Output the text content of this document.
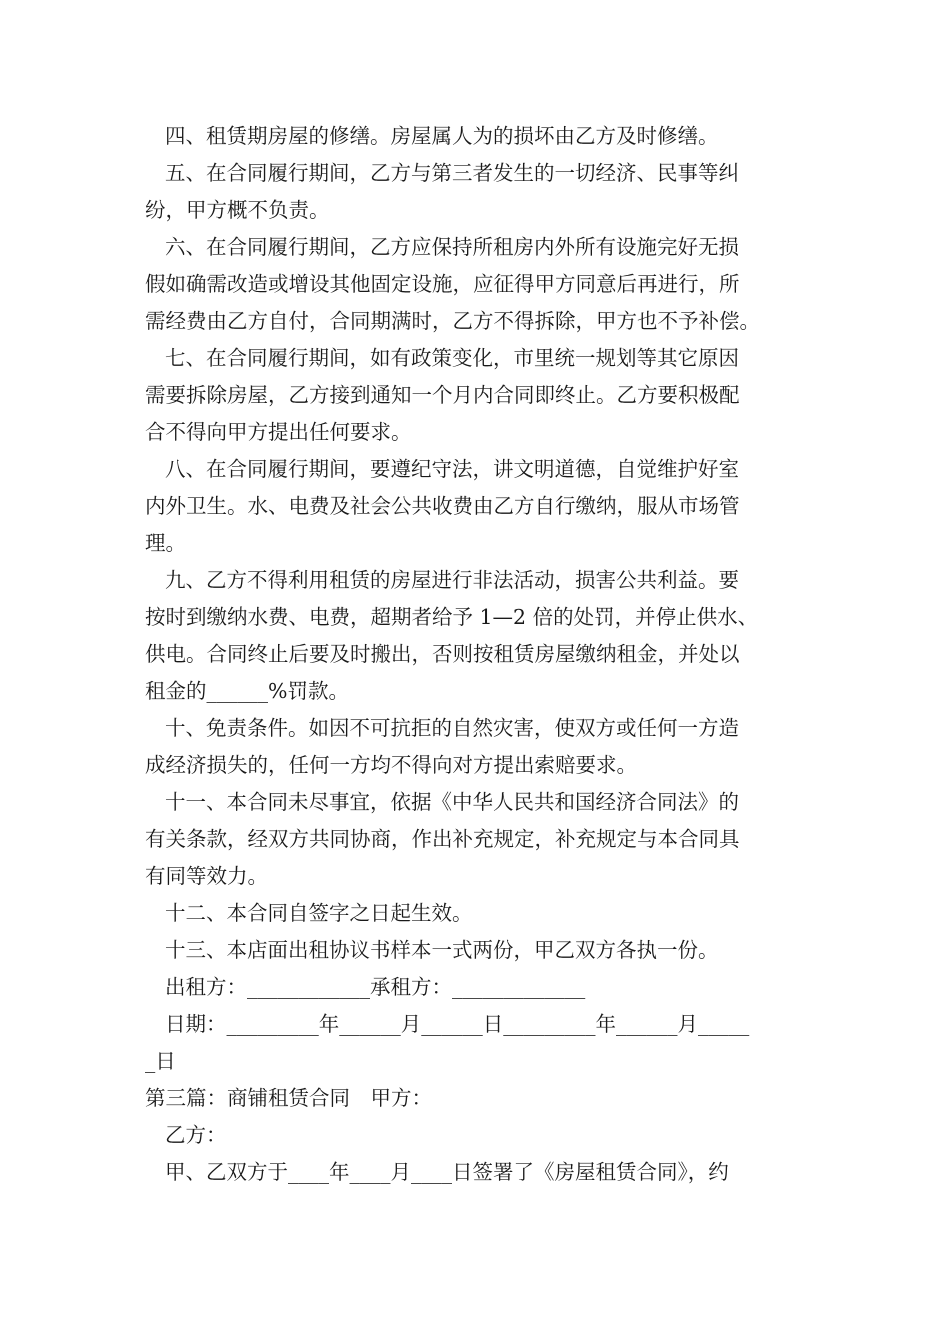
四、租赁期房屋的修缮。房屋属人为的损坏由乙方及时修缮。
五、在合同履行期间，乙方与第三者发生的一切经济、民事等纠
纷，甲方概不负责。
六、在合同履行期间，乙方应保持所租房内外所有设施完好无损
假如确需改造或增设其他固定设施，应征得甲方同意后再进行，所
需经费由乙方自付，合同期满时，乙方不得拆除，甲方也不予补偿。
七、在合同履行期间，如有政策变化，市里统一规划等其它原因
需要拆除房屋，乙方接到通知一个月内合同即终止。乙方要积极配
合不得向甲方提出任何要求。
八、在合同履行期间，要遵纪守法，讲文明道德，自觉维护好室
内外卫生。水、电费及社会公共收费由乙方自行缴纳，服从市场管
理。
九、乙方不得利用租赁的房屋进行非法活动，损害公共利益。要
按时到缴纳水费、电费，超期者给予 1—2 倍的处罚，并停止供水、
供电。合同终止后要及时搬出，否则按租赁房屋缴纳租金，并处以
租金的______%罚款。
十、免责条件。如因不可抗拒的自然灾害，使双方或任何一方造
成经济损失的，任何一方均不得向对方提出索赔要求。
十一、本合同未尽事宜，依据《中华人民共和国经济合同法》的
有关条款，经双方共同协商，作出补充规定，补充规定与本合同具
有同等效力。
十二、本合同自签字之日起生效。
十三、本店面出租协议书样本一式两份，甲乙双方各执一份。
出租方：____________承租方：_____________
日期：_________年______月______日_________年______月_____
_日
第三篇：商铺租赁合同　甲方：
乙方：
甲、乙双方于____年____月____日签署了《房屋租赁合同》，约
